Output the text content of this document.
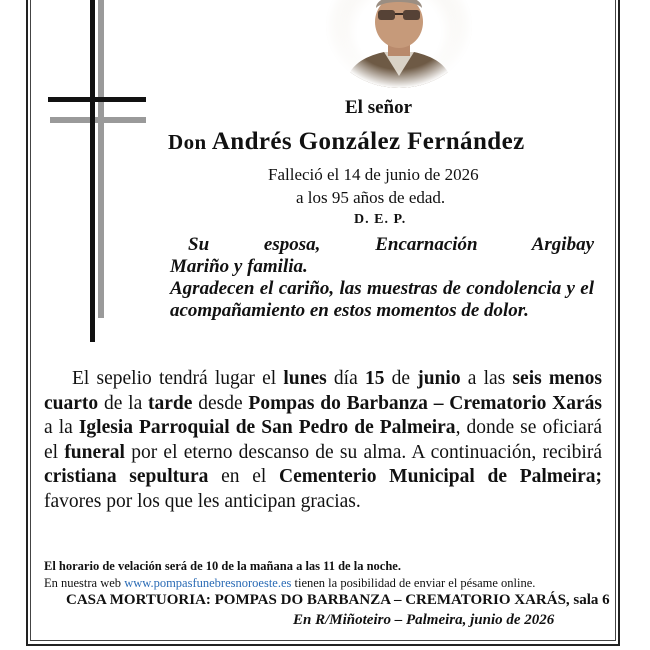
El señor
Don Andrés González Fernández
Falleció el 14 de junio de 2026
a los 95 años de edad.
D. E. P.

Su esposa, Encarnación Argibay

Mariño y familia.

Agradecen el cariño, las muestras de condolencia y el acompañamiento en estos momentos de dolor.

El sepelio tendrá lugar el lunes día 15 de junio a las seis menos cuarto de la tarde desde Pompas do Barbanza – Crematorio Xarás a la Iglesia Parroquial de San Pedro de Palmeira, donde se oficiará el funeral por el eterno descanso de su alma. A continuación, recibirá cristiana sepultura en el Cementerio Municipal de Palmeira; favores por los que les anticipan gracias.
El horario de velación será de 10 de la mañana a las 11 de la noche.
En nuestra web www.pompasfunebresnoroeste.es tienen la posibilidad de enviar el pésame online.
CASA MORTUORIA: POMPAS DO BARBANZA – CREMATORIO XARÁS, sala 6
En R/Miñoteiro – Palmeira, junio de 2026
